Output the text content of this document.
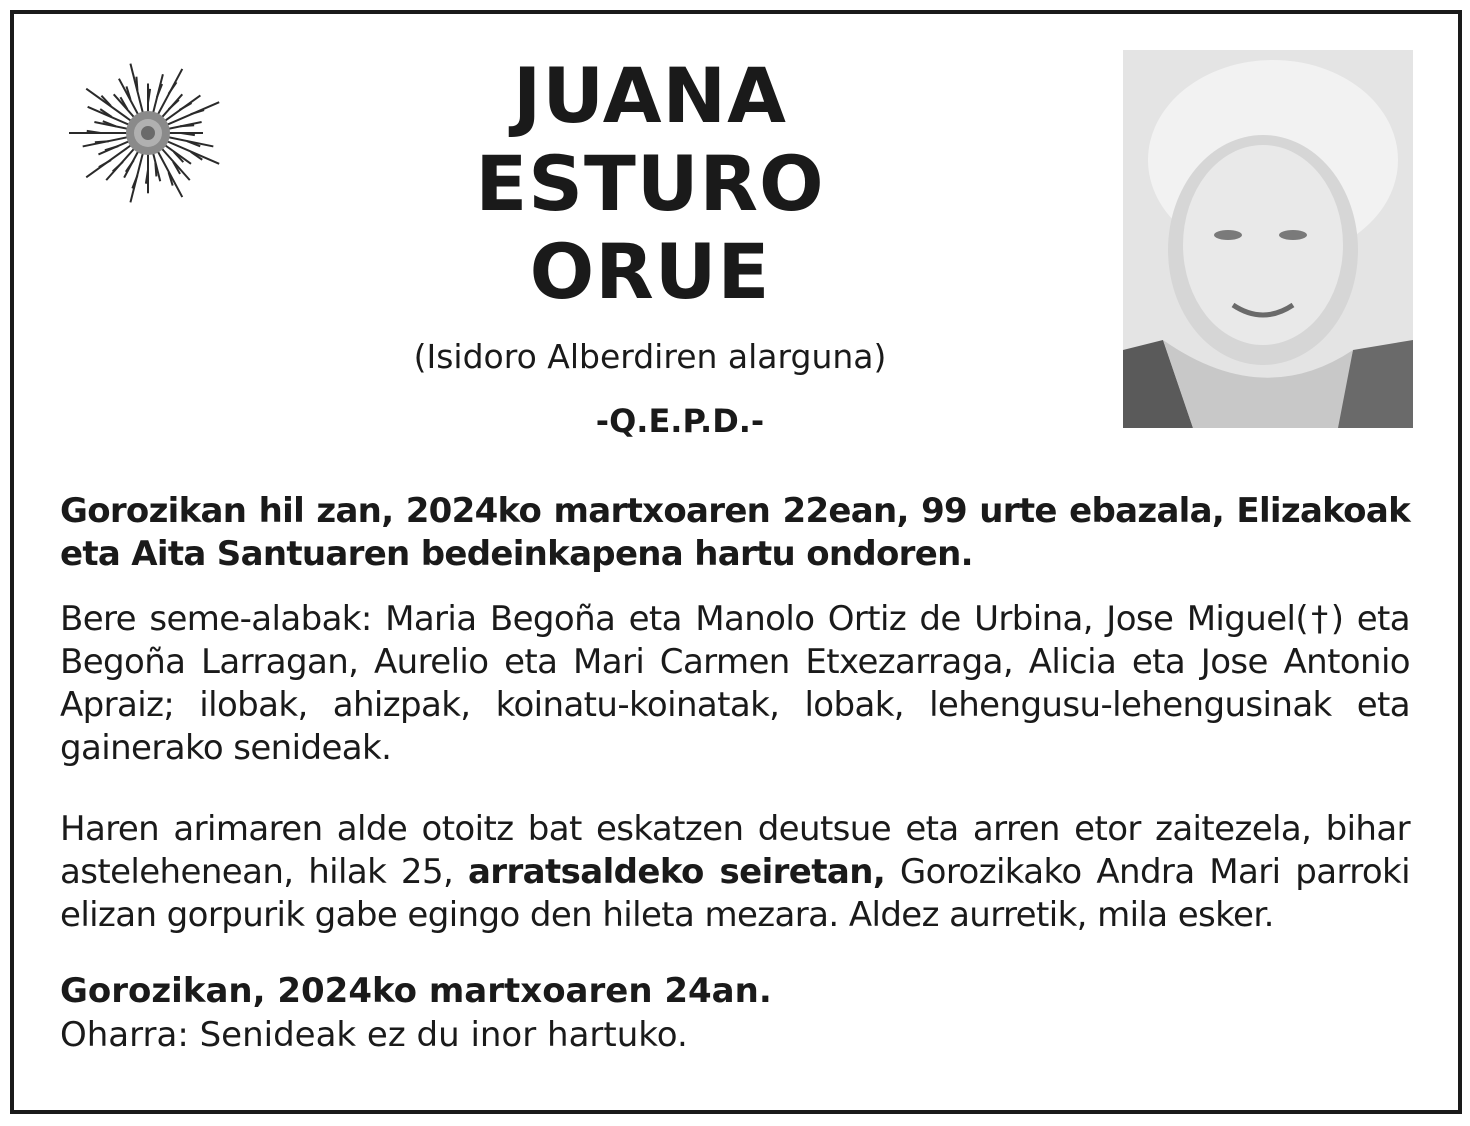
JUANA
ESTURO
ORUE
(Isidoro Alberdiren alarguna)
-Q.E.P.D.-
Gorozikan hil zan, 2024ko martxoaren 22ean, 99 urte ebazala, Elizakoak eta Aita Santuaren bedeinkapena hartu ondoren.
Bere seme-alabak: Maria Begoña eta Manolo Ortiz de Urbina, Jose Miguel(†) eta Begoña Larragan, Aurelio eta Mari Carmen Etxezarraga, Alicia eta Jose Antonio Apraiz; ilobak, ahizpak, koinatu-koinatak, lobak, lehengusu-lehengusinak eta gainerako senideak.
Haren arimaren alde otoitz bat eskatzen deutsue eta arren etor zaitezela, bihar astelehenean, hilak 25, arratsaldeko seiretan, Gorozikako Andra Mari parroki elizan gorpurik gabe egingo den hileta mezara. Aldez aurretik, mila esker.
Gorozikan, 2024ko martxoaren 24an.
Oharra: Senideak ez du inor hartuko.
